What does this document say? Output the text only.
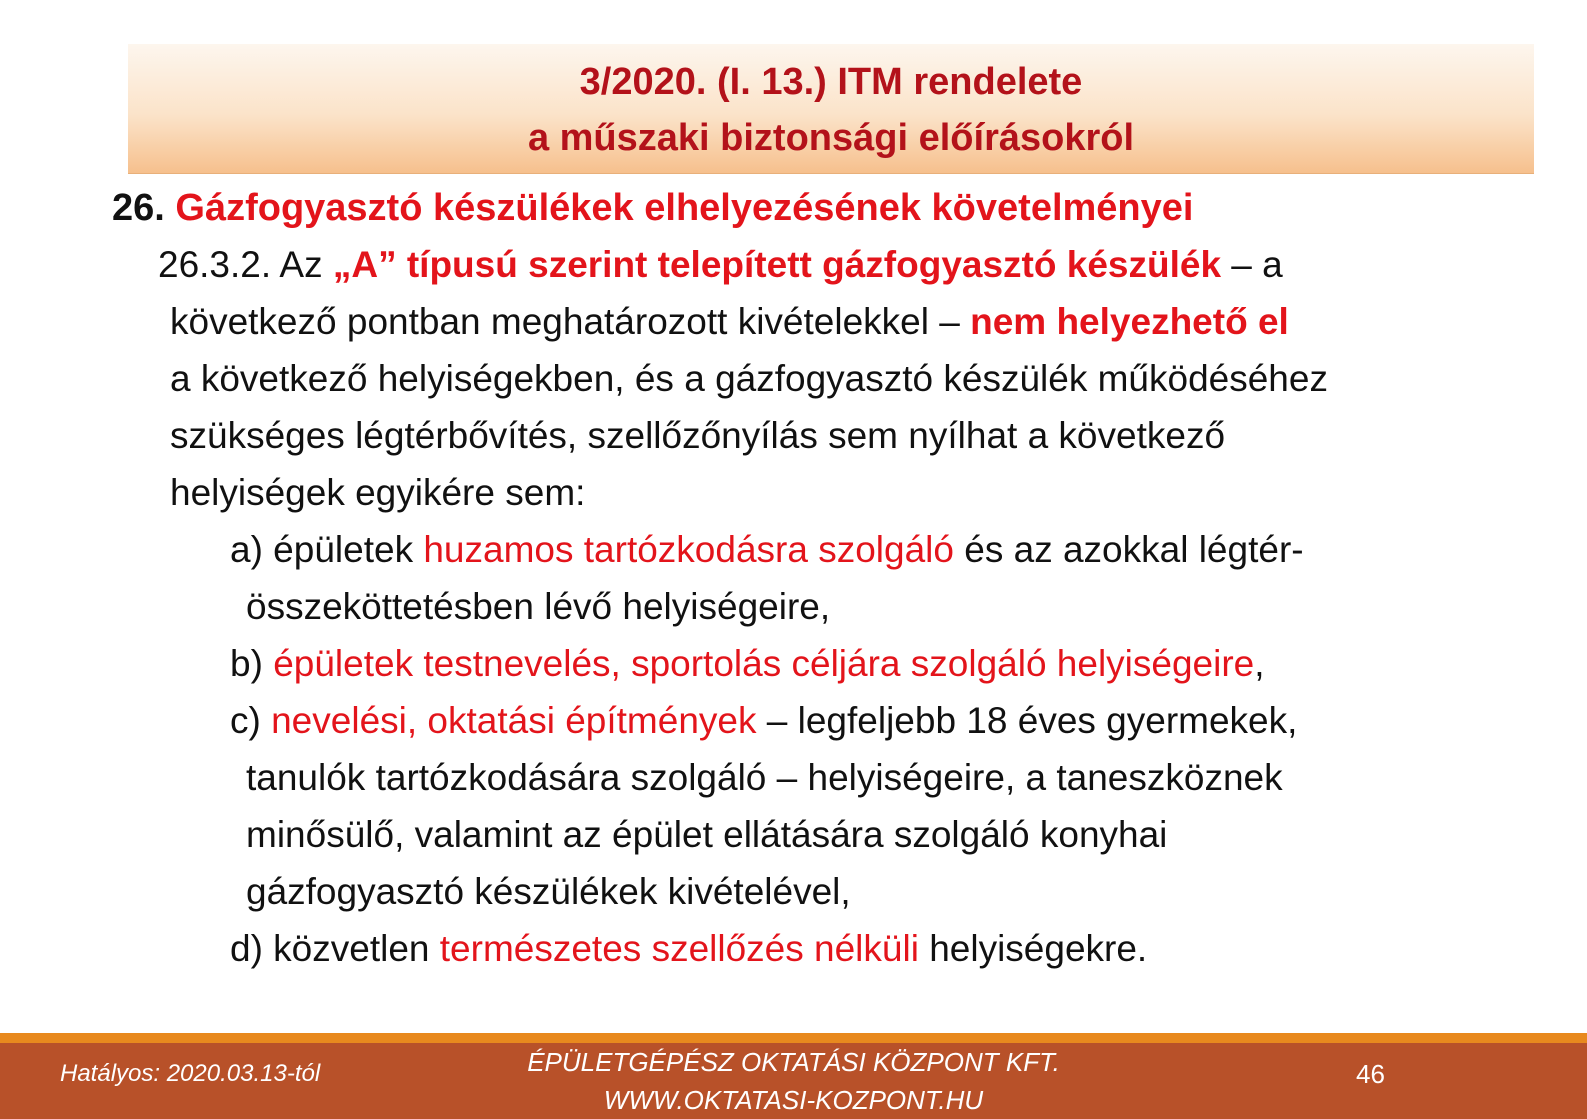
3/2020. (I. 13.) ITM rendelete
a műszaki biztonsági előírásokról
26. Gázfogyasztó készülékek elhelyezésének követelményei
26.3.2. Az „A” típusú szerint telepített gázfogyasztó készülék – a
következő pontban meghatározott kivételekkel – nem helyezhető el
a következő helyiségekben, és a gázfogyasztó készülék működéséhez
szükséges légtérbővítés, szellőzőnyílás sem nyílhat a következő
helyiségek egyikére sem:
a) épületek huzamos tartózkodásra szolgáló és az azokkal légtér-
összeköttetésben lévő helyiségeire,
b) épületek testnevelés, sportolás céljára szolgáló helyiségeire,
c) nevelési, oktatási építmények – legfeljebb 18 éves gyermekek,
tanulók tartózkodására szolgáló – helyiségeire, a taneszköznek
minősülő, valamint az épület ellátására szolgáló konyhai
gázfogyasztó készülékek kivételével,
d) közvetlen természetes szellőzés nélküli helyiségekre.
Hatályos: 2020.03.13-tól	ÉPÜLETGÉPÉSZ OKTATÁSI KÖZPONT KFT.
WWW.OKTATASI-KOZPONT.HU
46
